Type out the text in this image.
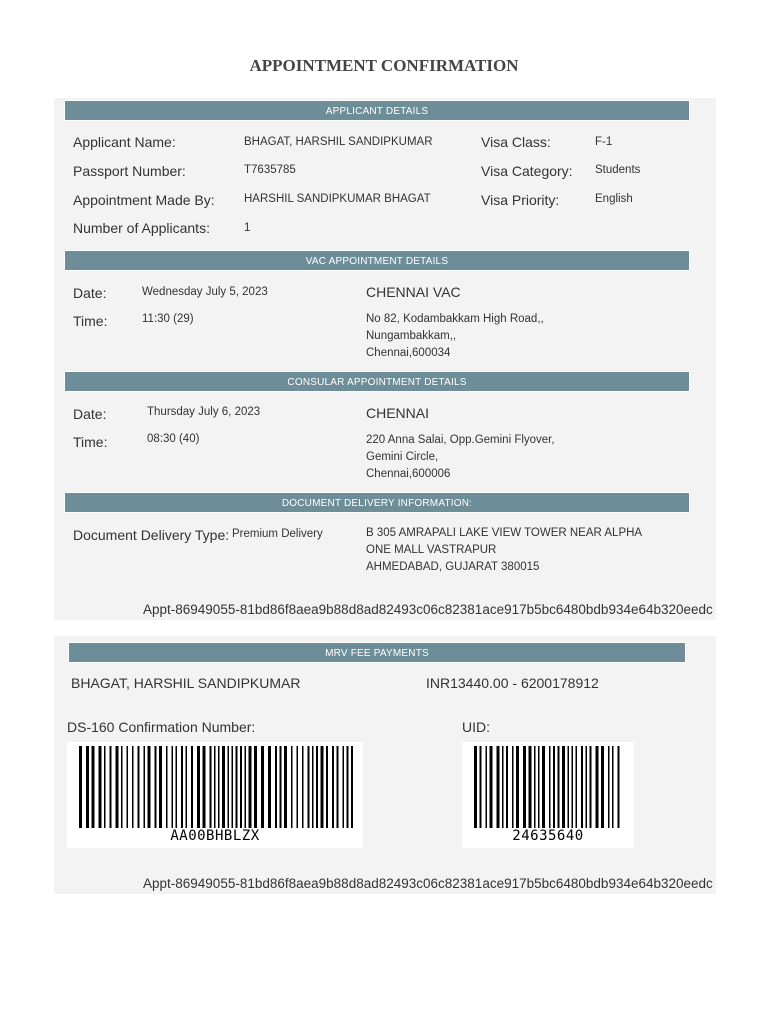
APPOINTMENT CONFIRMATION
APPLICANT DETAILS
Applicant Name:	BHAGAT, HARSHIL SANDIPKUMAR	Visa Class:	F-1
Passport Number:	T7635785	Visa Category: Students
Appointment Made By:	HARSHIL SANDIPKUMAR BHAGAT	Visa Priority:	English
Number of Applicants:	1
VAC APPOINTMENT DETAILS
Date:	Wednesday July 5, 2023	CHENNAI VAC
Time:	11:30 (29)	No 82, Kodambakkam High Road,,
Nungambakkam,,
Chennai,600034
CONSULAR APPOINTMENT DETAILS
Date:	Thursday July 6, 2023	CHENNAI
Time:	08:30 (40)	220 Anna Salai, Opp.Gemini Flyover,
Gemini Circle,
Chennai,600006
DOCUMENT DELIVERY INFORMATION:
Document Delivery Type: Premium Delivery	B 305 AMRAPALI LAKE VIEW TOWER NEAR ALPHA
ONE MALL VASTRAPUR
AHMEDABAD, GUJARAT 380015
Appt-86949055-81bd86f8aea9b88d8ad82493c06c82381ace917b5bc6480bdb934e64b320eedc
MRV FEE PAYMENTS
BHAGAT, HARSHIL SANDIPKUMAR	INR13440.00 - 6200178912
DS-160 Confirmation Number:	UID:
AA00BHBLZX	24635640
Appt-86949055-81bd86f8aea9b88d8ad82493c06c82381ace917b5bc6480bdb934e64b320eedc
